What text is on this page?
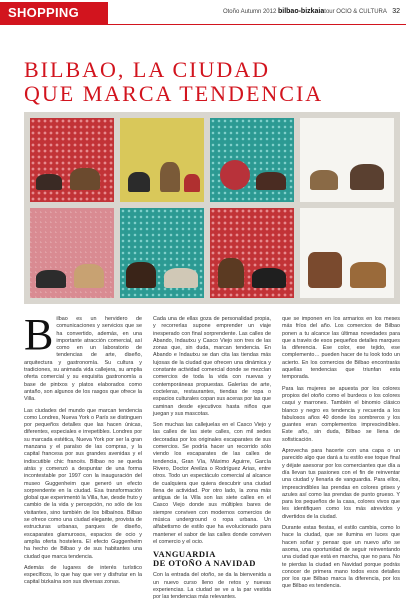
SHOPPING	Otoño Autumn 2012 bilbao-bizkaiatour OCIO & CULTURA 32
BILBAO, LA CIUDAD
QUE MARCA TENDENCIA

Bilbao es un hervidero de comunicaciones y servicios que se ha convertido, además, en una importante atracción comercial, así como en un laboratorio de tendencias de arte, diseño, arquitectura y gastronomía. Su cultura y tradiciones, su animada vida callejera, su amplia oferta comercial y su exquisita gastronomía a base de pintxos y platos elaborados como antaño, son algunos de los rasgos que ofrece la Villa.

Las ciudades del mundo que marcan tendencia como Londres, Nueva York o París se distinguen por pequeños detalles que las hacen únicas, diferentes, especiales e irrepetibles. Londres por su marcada estética, Nueva York por ser la gran manzana y el paraíso de las compras, y la capital francesa por sus grandes avenidas y el indiscutible chic francés. Bilbao no se queda atrás y comenzó a despuntar de una forma incontestable por 1997 con la inauguración del museo Guggenheim que generó un efecto sorprendente en la ciudad. Esa transformación global que experimentó la Villa, fue, desde fruto y cambio de la vida y percepción, no sólo de los visitantes, sino también de los bilbaínos. Bilbao se ofrece como una ciudad elegante, provista de estructuras urbanas, parques de diseño, escaparates glamurosos, espacios de ocio y amplia oferta hostelera. El efecto Guggenheim ha hecho de Bilbao y de sus habitantes una ciudad que marca tendencia.

Además de lugares de interés turístico específicos, lo que hay que ver y disfrutar en la capital bizkaína son sus diversas zonas.

Cada una de ellas goza de personalidad propia, y recorrerlas supone emprender un viaje inesperado con final sorprendente. Las calles de Abando, Indautxu y Casco Viejo son tres de las zonas que, sin duda, marcan tendencia. En Abando e Indautxu se dan cita las tiendas más lujosas de la ciudad que ofrecen una dinámica y constante actividad comercial donde se mezclan comercios de toda la vida con nuevas y contemporáneas propuestas. Galerías de arte, cocteleras, restaurantes, tiendas de ropa o espacios culturales copan sus aceras por las que caminan desde ejecutivos hasta niños que juegan y sus mascotas.

Son muchas las callejuelas en el Casco Viejo y las calles de las siete calles, con mil sedes decoradas por los originales escaparates de sus comercios. Se podría hacer un recorrido sólo viendo los escaparates de las calles de tendencia, Gran Vía, Máximo Aguirre, García Rivero, Doctor Areilza o Rodríguez Arias, entre otros. Todo un espectáculo comercial al alcance de cualquiera que quiera descubrir una ciudad llena de actividad. Por otro lado, la zona más antigua de la Villa son las siete calles en el Casco Viejo donde sus múltiples bares de siempre conviven con modernos comercios de música underground o ropa urbana. Un alfabetismo de estilo que ha evolucionado para mantener el sabor de las calles donde conviven el comercio y el ocio.

VANGUARDIA
DE OTOÑO A NAVIDAD

Con la entrada del otoño, se da la bienvenida a un nuevo curso lleno de retos y nuevas experiencias. La ciudad se ve a la par vestida por las tendencias más relevantes.

que se imponen en los armarios en los meses más fríos del año. Los comercios de Bilbao ponen a tu alcance las últimas novedades para que a través de esos pequeños detalles marques la diferencia. Ese color, ese tejido, ese complemento… pueden hacer de tu look todo un acierto. En los comercios de Bilbao encontrarás aquellas tendencias que triunfan esta temporada.

Para las mujeres se apuesta por los colores propios del otoño como el burdeos o los colores caqui y marrones. También el binomio clásico blanco y negro es tendencia y recuerda a los fabulosos años 40 donde los sombreros y los guantes eran complementos imprescindibles. Este año, sin duda, Bilbao se llena de sofisticación.

Aprovecha para hacerte con una capa o un parecido algo que dará a tu estilo ese toque final y déjate asesorar por los comerciantes que día a día llevan tus pasiones con el fin de reinventar una ciudad y llenarla de vanguardia. Para ellos, imprescindibles las prendas en colores grises y azules así como las prendas de punto grueso. Y para los pequeños de la casa, colores vivos que les identifiquen como los más atrevidos y divertidos de la ciudad.

Durante estas fiestas, el estilo cambia, como lo hace la ciudad, que se ilumina en luces que hacen soñar y pensar que un nuevo año se asoma, una oportunidad de seguir reinventando una ciudad que está en marcha, que no para. No te pierdas la ciudad en Navidad porque podrás conocer de primera mano todos esos detalles por los que Bilbao marca la diferencia, por los que Bilbao es tendencia.
